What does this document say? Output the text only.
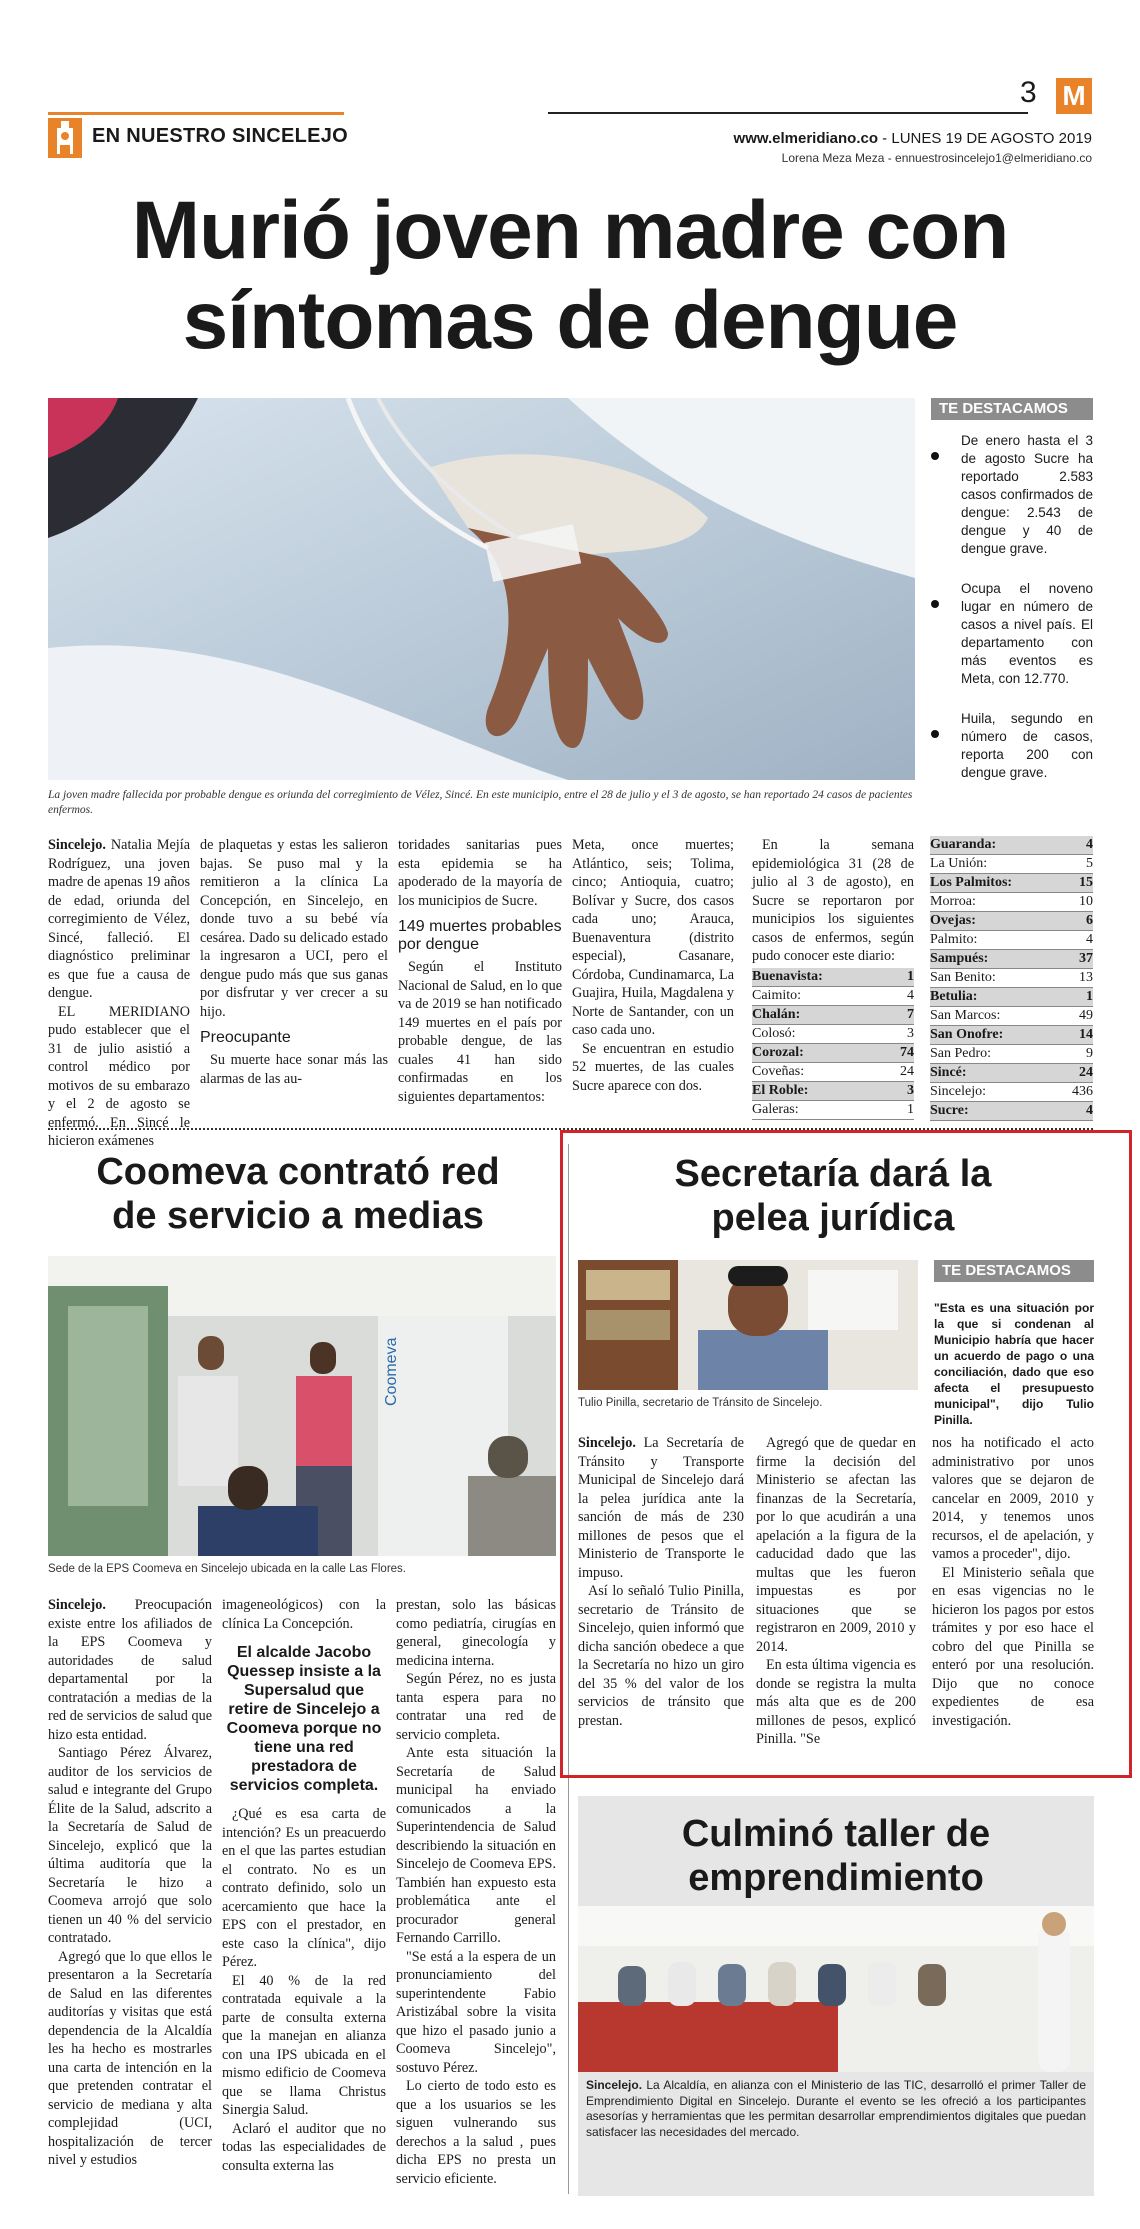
3 M
EN NUESTRO SINCELEJO	www.elmeridiano.co - LUNES 19 DE AGOSTO 2019
Lorena Meza Meza - ennuestrosincelejo1@elmeridiano.co
Murió joven madre con
síntomas de dengue
La joven madre fallecida por probable dengue es oriunda del corregimiento de Vélez, Sincé. En este municipio, entre el 28 de julio y el 3 de agosto, se han reportado 24 casos de pacientes enfermos.
TE DESTACAMOS
De enero hasta el 3 de agosto Sucre ha reportado 2.583 casos confirmados de dengue: 2.543 de dengue y 40 de dengue grave.
Ocupa el noveno lugar en número de casos a nivel país. El departamento con más eventos es Meta, con 12.770.
Huila, segundo en número de casos, reporta 200 con dengue grave.

Sincelejo. Natalia Mejía Rodríguez, una joven madre de apenas 19 años de edad, oriunda del corregimiento de Vélez, Sincé, falleció. El diagnóstico preliminar es que fue a causa de dengue.

EL MERIDIANO pudo establecer que el 31 de julio asistió a control médico por motivos de su embarazo y el 2 de agosto se enfermó. En Sincé le hicieron exámenes

de plaquetas y estas les salieron bajas. Se puso mal y la remitieron a la clínica La Concepción, en Sincelejo, en donde tuvo a su bebé vía cesárea. Dado su delicado estado la ingresaron a UCI, pero el dengue pudo más que sus ganas por disfrutar y ver crecer a su hijo.

Preocupante

Su muerte hace sonar más las alarmas de las au-

toridades sanitarias pues esta epidemia se ha apoderado de la mayoría de los municipios de Sucre.

149 muertes probables por dengue

Según el Instituto Nacional de Salud, en lo que va de 2019 se han notificado 149 muertes en el país por probable dengue, de las cuales 41 han sido confirmadas en los siguientes departamentos:

Meta, once muertes; Atlántico, seis; Tolima, cinco; Antioquia, cuatro; Bolívar y Sucre, dos casos cada uno; Arauca, Buenaventura (distrito especial), Casanare, Córdoba, Cundinamarca, La Guajira, Huila, Magdalena y Norte de Santander, con un caso cada uno.

Se encuentran en estudio 52 muertes, de las cuales Sucre aparece con dos.

En la semana epidemiológica 31 (28 de julio al 3 de agosto), en Sucre se reportaron por municipios los siguientes casos de enfermos, según pudo conocer este diario:

Buenavista:	1
Caimito:	4
Chalán:	7
Colosó:	3
Corozal:	74
Coveñas:	24
El Roble:	3
Galeras:	1
Guaranda:	4
La Unión:	5
Los Palmitos:	15
Morroa:	10
Ovejas:	6
Palmito:	4
Sampués:	37
San Benito:	13
Betulia:	1
San Marcos:	49
San Onofre:	14
San Pedro:	9
Sincé:	24
Sincelejo:	436
Sucre:	4
Coomeva contrató red
de servicio a medias
Coomeva
Sede de la EPS Coomeva en Sincelejo ubicada en la calle Las Flores.

Sincelejo. Preocupación existe entre los afiliados de la EPS Coomeva y autoridades de salud departamental por la contratación a medias de la red de servicios de salud que hizo esta entidad.

Santiago Pérez Álvarez, auditor de los servicios de salud e integrante del Grupo Élite de la Salud, adscrito a la Secretaría de Salud de Sincelejo, explicó que la última auditoría que la Secretaría le hizo a Coomeva arrojó que solo tienen un 40 % del servicio contratado.

Agregó que lo que ellos le presentaron a la Secretaría de Salud en las diferentes auditorías y visitas que está dependencia de la Alcaldía les ha hecho es mostrarles una carta de intención en la que pretenden contratar el servicio de mediana y alta complejidad (UCI, hospitalización de tercer nivel y estudios

imageneológicos) con la clínica La Concepción.

El alcalde Jacobo Quessep insiste a la Supersalud que retire de Sincelejo a Coomeva porque no tiene una red prestadora de servicios completa.

¿Qué es esa carta de intención? Es un preacuerdo en el que las partes estudian el contrato. No es un contrato definido, solo un acercamiento que hace la EPS con el prestador, en este caso la clínica", dijo Pérez.

El 40 % de la red contratada equivale a la parte de consulta externa que la manejan en alianza con una IPS ubicada en el mismo edificio de Coomeva que se llama Christus Sinergia Salud.

Aclaró el auditor que no todas las especialidades de consulta externa las

prestan, solo las básicas como pediatría, cirugías en general, ginecología y medicina interna.

Según Pérez, no es justa tanta espera para no contratar una red de servicio completa.

Ante esta situación la Secretaría de Salud municipal ha enviado comunicados a la Superintendencia de Salud describiendo la situación en Sincelejo de Coomeva EPS. También han expuesto esta problemática ante el procurador general Fernando Carrillo.

"Se está a la espera de un pronunciamiento del superintendente Fabio Aristizábal sobre la visita que hizo el pasado junio a Coomeva Sincelejo", sostuvo Pérez.

Lo cierto de todo esto es que a los usuarios se les siguen vulnerando sus derechos a la salud , pues dicha EPS no presta un servicio eficiente.

Secretaría dará la
pelea jurídica
Tulio Pinilla, secretario de Tránsito de Sincelejo.
TE DESTACAMOS
"Esta es una situación por la que si condenan al Municipio habría que hacer un acuerdo de pago o una conciliación, dado que eso afecta el presupuesto municipal", dijo Tulio Pinilla.

Sincelejo. La Secretaría de Tránsito y Transporte Municipal de Sincelejo dará la pelea jurídica ante la sanción de más de 230 millones de pesos que el Ministerio de Transporte le impuso.

Así lo señaló Tulio Pinilla, secretario de Tránsito de Sincelejo, quien informó que dicha sanción obedece a que la Secretaría no hizo un giro del 35 % del valor de los servicios de tránsito que prestan.

Agregó que de quedar en firme la decisión del Ministerio se afectan las finanzas de la Secretaría, por lo que acudirán a una apelación a la figura de la caducidad dado que las multas que les fueron impuestas es por situaciones que se registraron en 2009, 2010 y 2014.

En esta última vigencia es donde se registra la multa más alta que es de 200 millones de pesos, explicó Pinilla. "Se

nos ha notificado el acto administrativo por unos valores que se dejaron de cancelar en 2009, 2010 y 2014, y tenemos unos recursos, el de apelación, y vamos a proceder", dijo.

El Ministerio señala que en esas vigencias no le hicieron los pagos por estos trámites y por eso hace el cobro del que Pinilla se enteró por una resolución. Dijo que no conoce expedientes de esa investigación.

Culminó taller de
emprendimiento
Sincelejo. La Alcaldía, en alianza con el Ministerio de las TIC, desarrolló el primer Taller de Emprendimiento Digital en Sincelejo. Durante el evento se les ofreció a los participantes asesorías y herramientas que les permitan desarrollar emprendimientos digitales que puedan satisfacer las necesidades del mercado.
